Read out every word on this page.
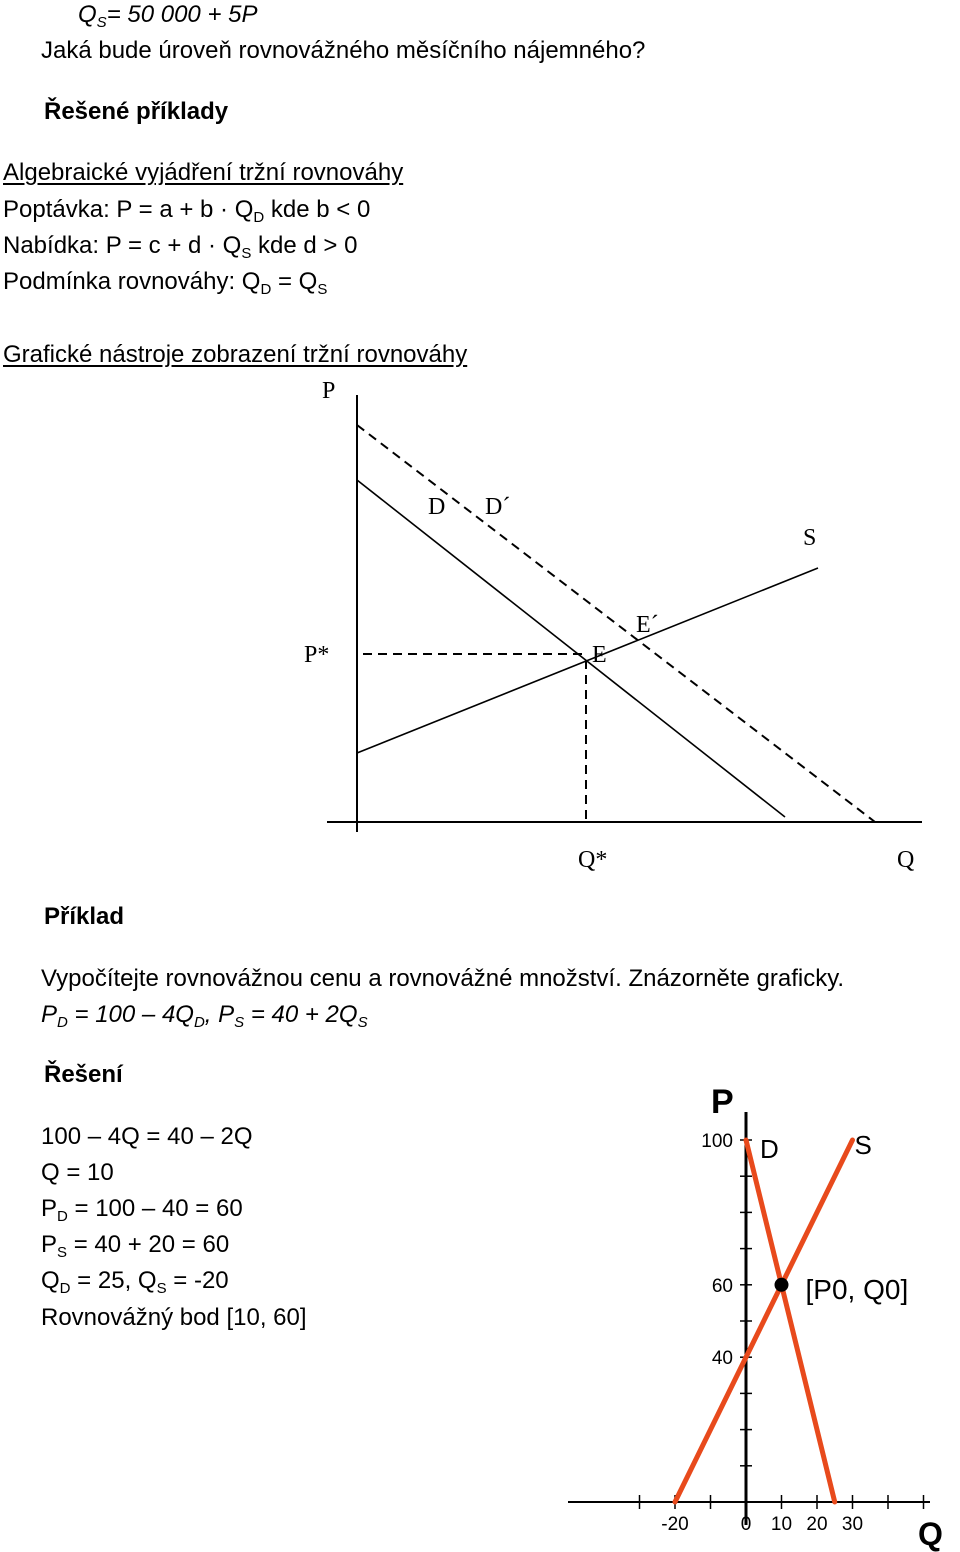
$Q_S= 50$ 000 + 5P
Jaká bude úroveň rovnovážného měsíčního nájemného?
Řešené příklady
Algebraické vyjádření tržní rovnováhy
Poptávka: $P = a + b \cdot Q_D$ kde b < 0
Nabídka: $P = c + d \cdot Q_S$ kde d > 0
Podmínka rovnováhy: $Q_D = Q_S$
Grafické nástroje zobrazení tržní rovnováhy
P
D D´
S
E´
E
P*
Q*	Q
Příklad
Vypočítejte rovnovážnou cenu a rovnovážné množství. Znázorněte graficky.
$P_D = 100 - 4Q_D$, $P_S = 40 + 2Q_S$
Řešení
100 – 4Q = 40 – 2Q
Q = 10
$P_D = 100 - 40 = 60$
$P_S = 40 + 20 = 60$
$Q_D = 25$, $Q_S = -20$
Rovnovážný bod [10, 60]
P
Q
100
60
40
-20	0 10 20 30
D	S
[P0, Q0]
